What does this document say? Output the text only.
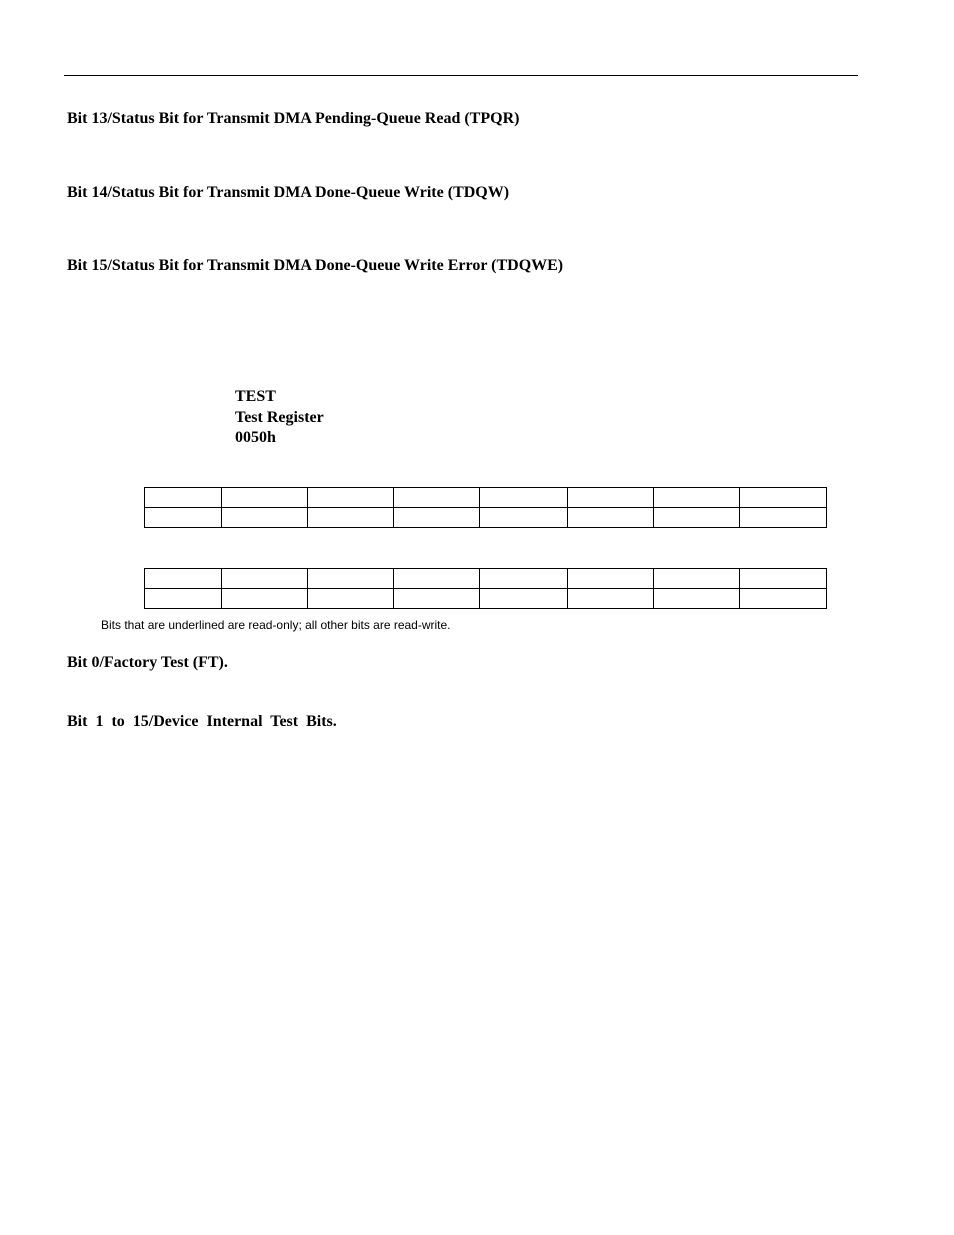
Bit 13/Status Bit for Transmit DMA Pending-Queue Read (TPQR)
Bit 14/Status Bit for Transmit DMA Done-Queue Write (TDQW)
Bit 15/Status Bit for Transmit DMA Done-Queue Write Error (TDQWE)
TEST
Test Register
0050h

Bits that are underlined are read-only; all other bits are read-write.
Bit 0/Factory Test (FT).
Bit 1 to 15/Device Internal Test Bits.
